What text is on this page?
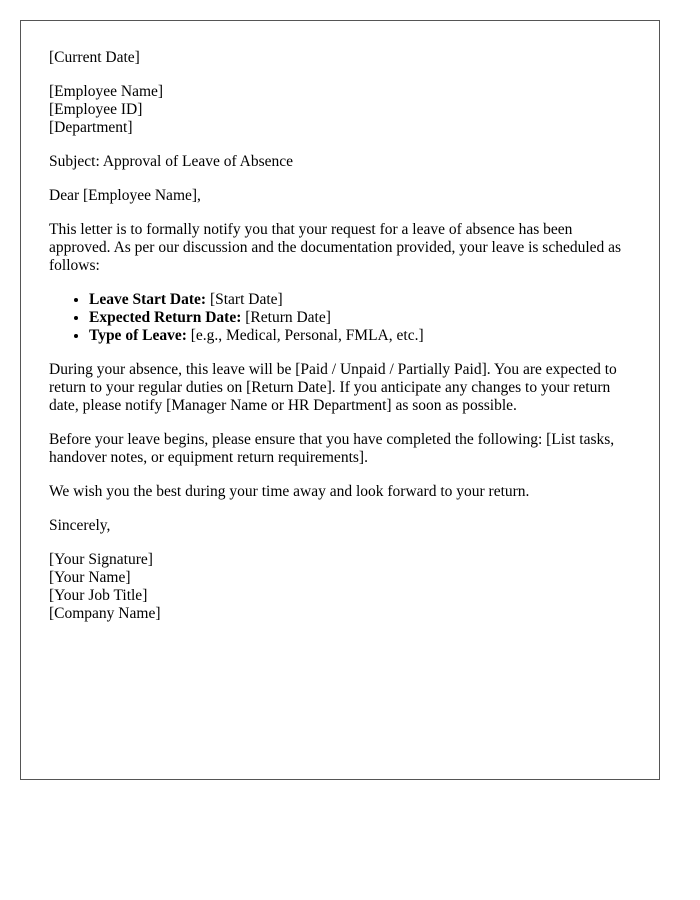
[Current Date]

[Employee Name]
[Employee ID]
[Department]

Subject: Approval of Leave of Absence

Dear [Employee Name],

This letter is to formally notify you that your request for a leave of absence has been approved. As per our discussion and the documentation provided, your leave is scheduled as follows:

• Leave Start Date: [Start Date]
• Expected Return Date: [Return Date]
• Type of Leave: [e.g., Medical, Personal, FMLA, etc.]

During your absence, this leave will be [Paid / Unpaid / Partially Paid]. You are expected to return to your regular duties on [Return Date]. If you anticipate any changes to your return date, please notify [Manager Name or HR Department] as soon as possible.

Before your leave begins, please ensure that you have completed the following: [List tasks, handover notes, or equipment return requirements].

We wish you the best during your time away and look forward to your return.

Sincerely,

[Your Signature]
[Your Name]
[Your Job Title]
[Company Name]
